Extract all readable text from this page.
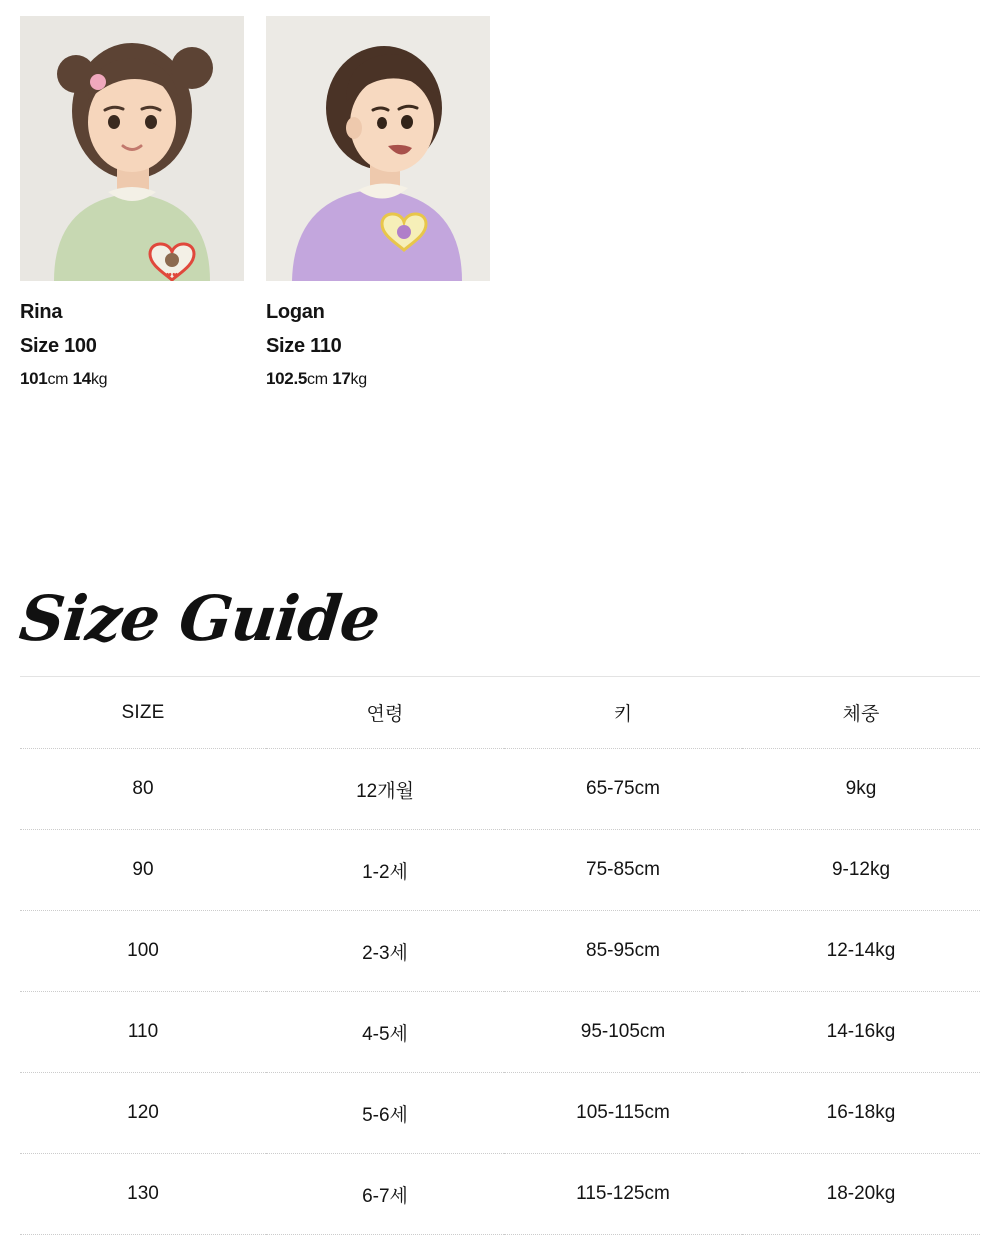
♥♥
Rina
Size 100
101cm 14kg
Logan
Size 110
102.5cm 17kg
Size Guide
SIZE	연령	키	체중
80	12개월	65-75cm	9kg
90	1-2세	75-85cm	9-12kg
100	2-3세	85-95cm	12-14kg
110	4-5세	95-105cm	14-16kg
120	5-6세	105-115cm	16-18kg
130	6-7세	115-125cm	18-20kg
